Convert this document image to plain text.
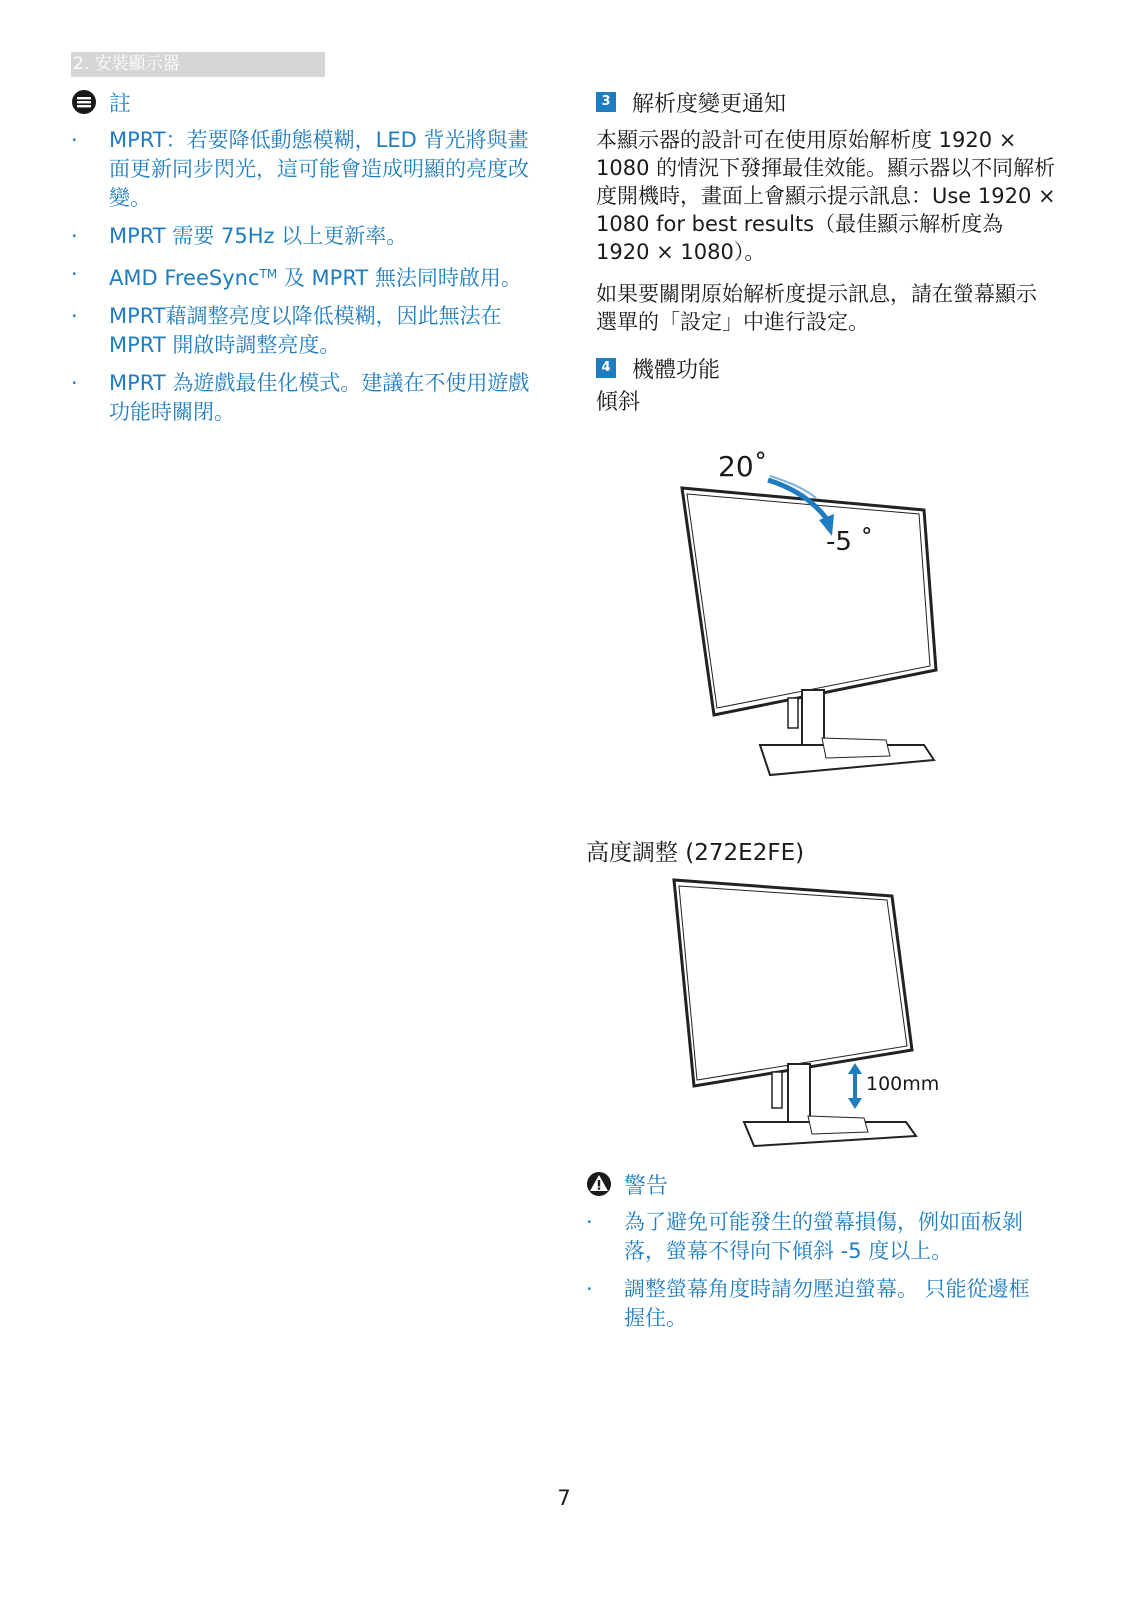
2. 安裝顯示器
註
· MPRT：若要降低動態模糊，LED 背光將與畫面更新同步閃光，這可能會造成明顯的亮度改變。
· MPRT 需要 75Hz 以上更新率。
· AMD FreeSync™ 及 MPRT 無法同時啟用。
· MPRT藉調整亮度以降低模糊，因此無法在 MPRT 開啟時調整亮度。
· MPRT 為遊戲最佳化模式。建議在不使用遊戲功能時關閉。
3 解析度變更通知

本顯示器的設計可在使用原始解析度 1920 × 1080 的情況下發揮最佳效能。顯示器以不同解析度開機時，畫面上會顯示提示訊息：Use 1920 × 1080 for best results（最佳顯示解析度為 1920 × 1080）。

如果要關閉原始解析度提示訊息，請在螢幕顯示選單的「設定」中進行設定。

4 機體功能
傾斜
20˚
-5 ˚
高度調整 (272E2FE)
100mm
警告
· 為了避免可能發生的螢幕損傷，例如面板剝落，螢幕不得向下傾斜 -5 度以上。
· 調整螢幕角度時請勿壓迫螢幕。 只能從邊框握住。
7
